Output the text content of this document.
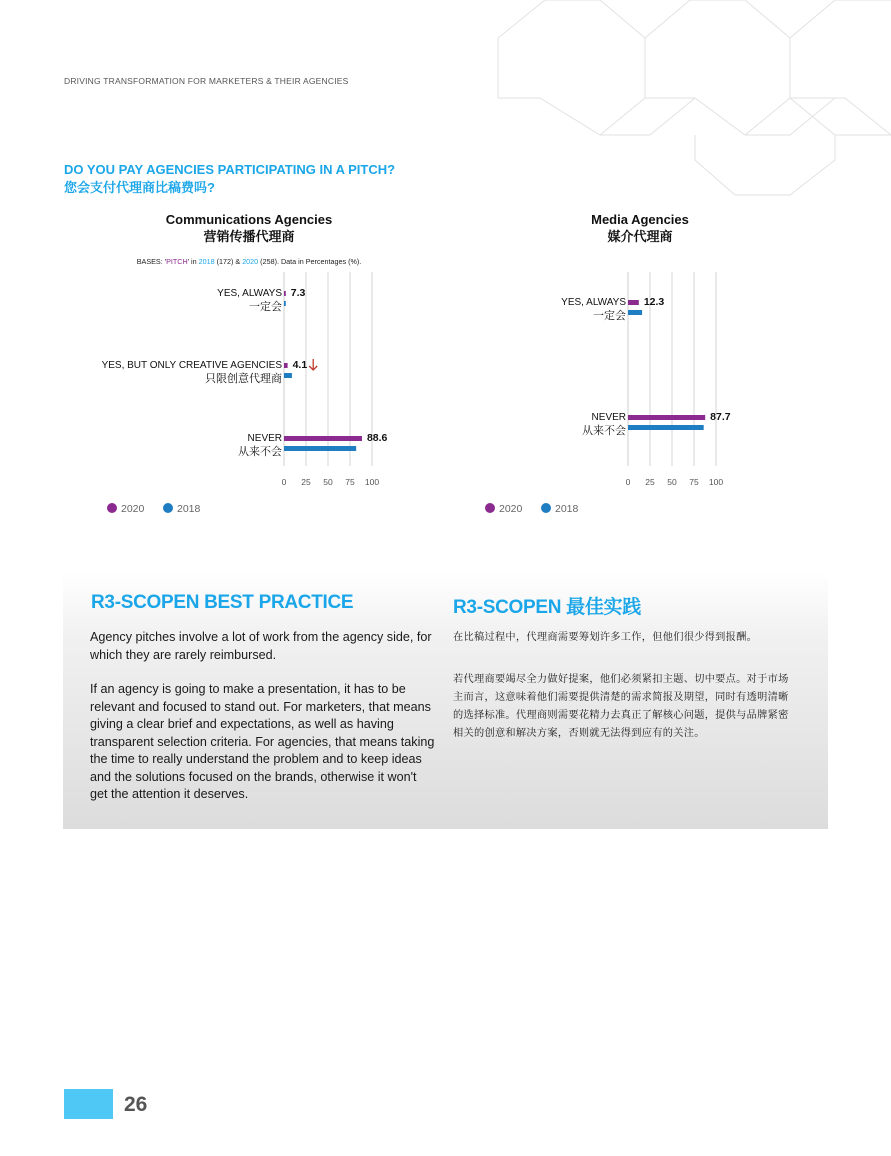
DRIVING TRANSFORMATION FOR MARKETERS & THEIR AGENCIES
DO YOU PAY AGENCIES PARTICIPATING IN A PITCH?
您会支付代理商比稿费吗?
Communications Agencies
营销传播代理商
Media Agencies
媒介代理商
BASES: 'PITCH' in 2018 (172) & 2020 (258). Data in Percentages (%).
0 25 50 75 100
YES, ALWAYS
一定会
7.3
YES, BUT ONLY CREATIVE AGENCIES
只限创意代理商
4.1
NEVER
从来不会
88.6
2020	2018
0 25 50 75 100
YES, ALWAYS
一定会
12.3
NEVER
从来不会
87.7
2020	2018
R3-SCOPEN BEST PRACTICE	R3-SCOPEN 最佳实践

Agency pitches involve a lot of work from the agency side, for which they are rarely reimbursed.

If an agency is going to make a presentation, it has to be relevant and focused to stand out. For marketers, that means giving a clear brief and expectations, as well as having transparent selection criteria. For agencies, that means taking the time to really understand the problem and to keep ideas and the solutions focused on the brands, otherwise it won't get the attention it deserves.

在比稿过程中，代理商需要筹划许多工作，但他们很少得到报酬。

若代理商要竭尽全力做好提案，他们必须紧扣主题、切中要点。对于市场主而言，这意味着他们需要提供清楚的需求简报及期望，同时有透明清晰的选择标准。代理商则需要花精力去真正了解核心问题，提供与品牌紧密相关的创意和解决方案，否则就无法得到应有的关注。

26
